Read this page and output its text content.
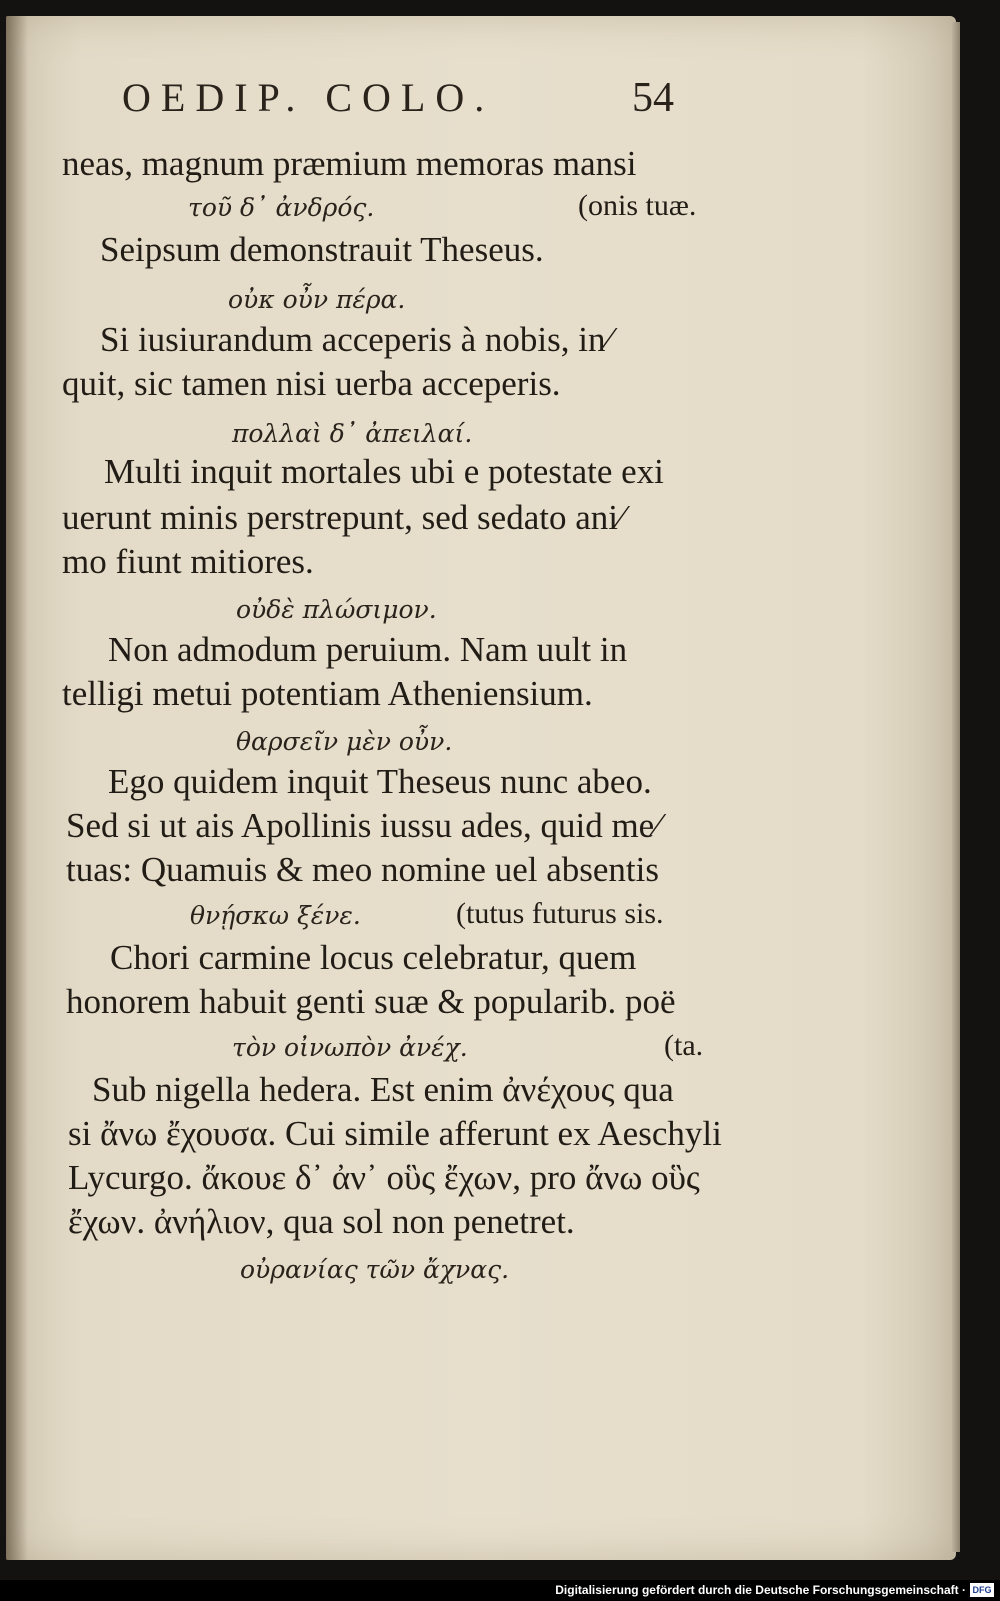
OEDIP. COLO.	54
neas, magnum præmium memoras mansi
τοῦ δ᾽ ἀνδρός.	(onis tuæ.
Seipsum demonstrauit Theseus.
οὐκ οὖν πέρα.
Si iusiurandum acceperis à nobis, in⁄
quit, sic tamen nisi uerba acceperis.
πολλαὶ δ᾽ ἀπειλαί.
Multi inquit mortales ubi e potestate exi
uerunt minis perstrepunt, sed sedato ani⁄
mo fiunt mitiores.
οὐδὲ πλώσιμον.
Non admodum peruium. Nam uult in
telligi metui potentiam Atheniensium.
θαρσεῖν μὲν οὖν.
Ego quidem inquit Theseus nunc abeo.
Sed si ut ais Apollinis iussu ades, quid me⁄
tuas: Quamuis & meo nomine uel absentis
θνῄσκω ξένε.	(tutus futurus sis.
Chori carmine locus celebratur, quem
honorem habuit genti suæ & popularib. poë
τὸν οἰνωπὸν ἀνέχ.	(ta.
Sub nigella hedera. Est enim ἀνέχους qua
si ἄνω ἔχουσα. Cui simile afferunt ex Aeschyli
Lycurgo. ἄκουε δ᾽ ἀν᾽ οὓς ἔχων, pro ἄνω οὓς
ἔχων. ἀνήλιον, qua sol non penetret.
οὐρανίας τῶν ἄχνας.
Digitalisierung gefördert durch die Deutsche Forschungsgemeinschaft · DFG
